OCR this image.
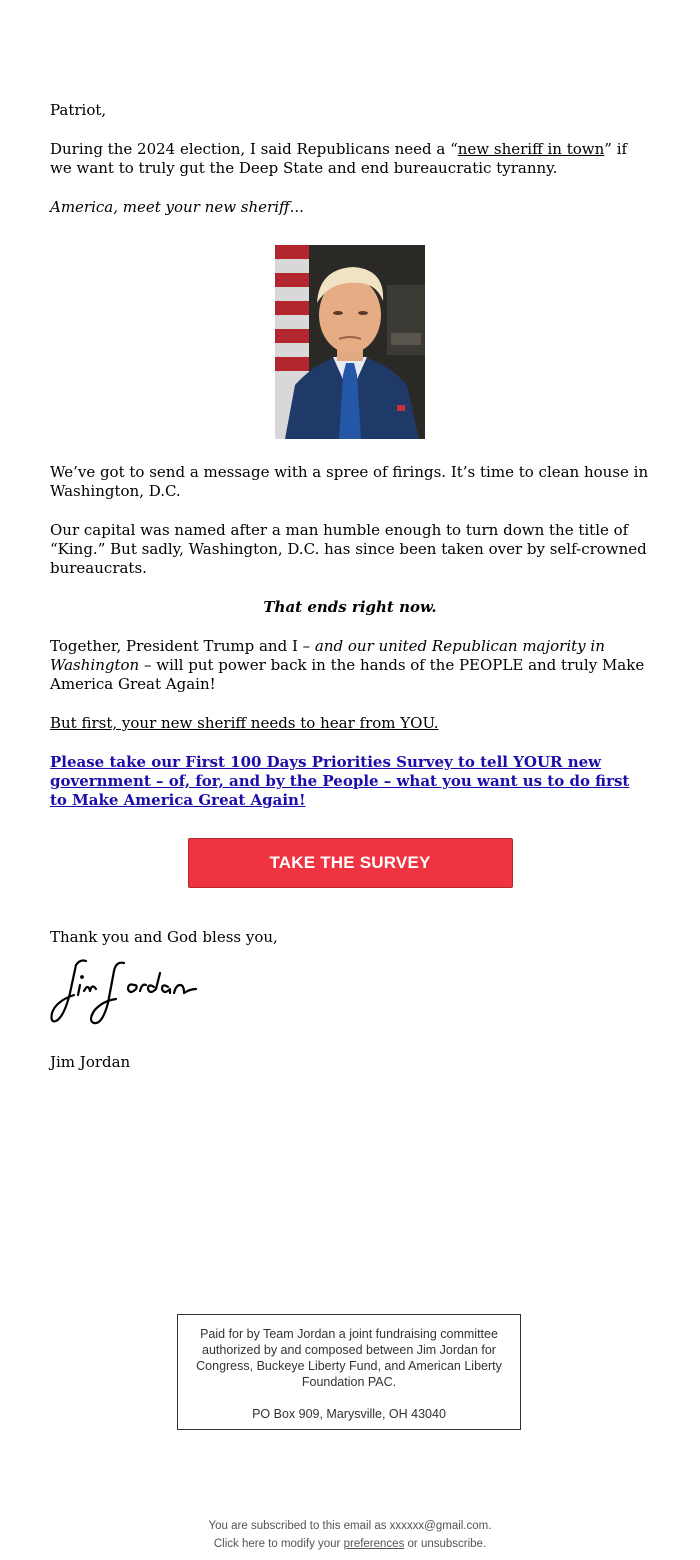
Patriot,

During the 2024 election, I said Republicans need a “new sheriff in town” if we want to truly gut the Deep State and end bureaucratic tyranny.

America, meet your new sheriff...

We’ve got to send a message with a spree of firings. It’s time to clean house in Washington, D.C.

Our capital was named after a man humble enough to turn down the title of “King.” But sadly, Washington, D.C. has since been taken over by self-crowned bureaucrats.

That ends right now.

Together, President Trump and I – and our united Republican majority in Washington – will put power back in the hands of the PEOPLE and truly Make America Great Again!

But first, your new sheriff needs to hear from YOU.

Please take our First 100 Days Priorities Survey to tell YOUR new government – of, for, and by the People – what you want us to do first to Make America Great Again!
TAKE THE SURVEY

Thank you and God bless you,

Jim Jordan

Paid for by Team Jordan a joint fundraising committee authorized by and composed between Jim Jordan for Congress, Buckeye Liberty Fund, and American Liberty Foundation PAC.

PO Box 909, Marysville, OH 43040

You are subscribed to this email as xxxxxx@gmail.com.
Click here to modify your preferences or unsubscribe.
